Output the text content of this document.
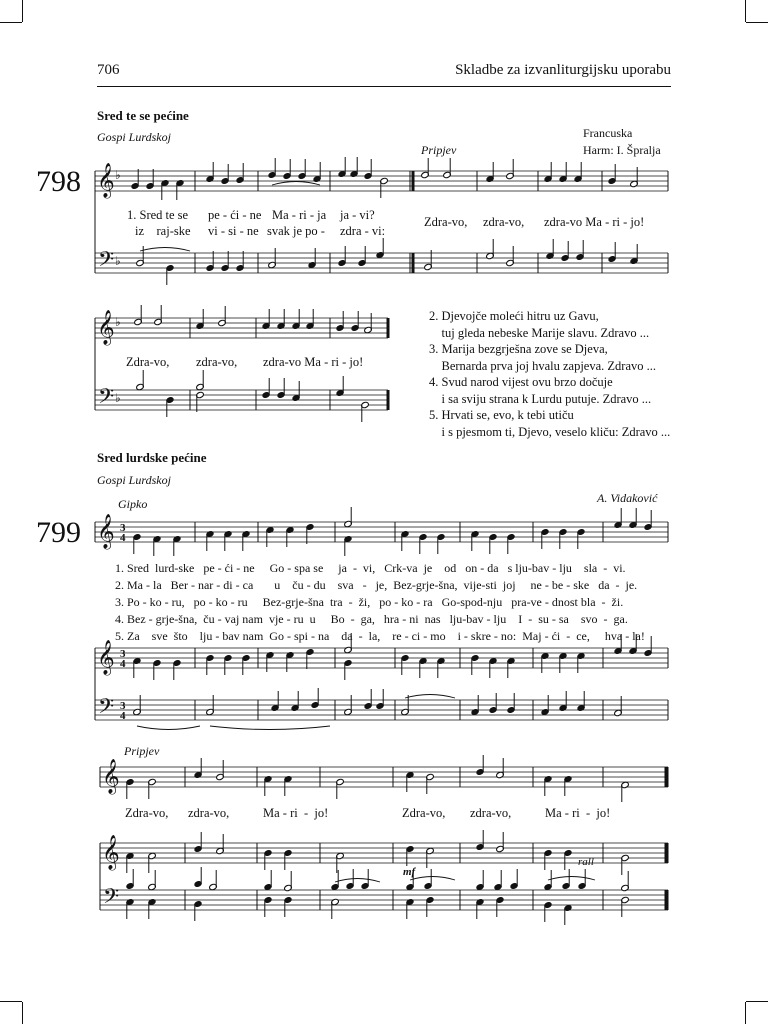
706	Skladbe za izvanliturgijsku uporabu
Sred te se pećine
Gospi Lurdskoj	Francuska
Harm: I. Špralja
Pripjev
798
1. Sred te se pe - ći - ne Ma - ri - ja ja - vi?	Zdra-vo, zdra-vo, zdra-vo Ma - ri - jo!
iz    raj-ske vi - si - ne svak je po - zdra - vi:
Zdra-vo, zdra-vo, zdra-vo Ma - ri - jo!
2. Djevojče moleći hitru uz Gavu,
tuj gleda nebeske Marije slavu. Zdravo ...
3. Marija bezgrješna zove se Djeva,
Bernarda prva joj hvalu zapjeva. Zdravo ...
4. Svud narod vijest ovu brzo dočuje
i sa sviju strana k Lurdu putuje. Zdravo ...
5. Hrvati se, evo, k tebi utiču
i s pjesmom ti, Djevo, veselo kliču: Zdravo ...
Sred lurdske pećine
Gospi Lurdskoj
Gipko	A. Vidaković
799
1. Sred  lurd-ske   pe - ći - ne     Go - spa se     ja  -  vi,   Crk-va  je    od   on - da   s lju-bav - lju    sla  -  vi.
2. Ma - la   Ber - nar - di - ca       u    ču - du    sva   -   je,  Bez-grje-šna,  vije-sti  joj     ne - be - ske   da  -  je.
3. Po - ko - ru,   po - ko - ru     Bez-grje-šna  tra  -  ži,   po - ko - ra   Go-spod-nju   pra-ve - dnost bla  -  ži.
4. Bez - grje-šna,  ču - vaj nam  vje - ru  u     Bo  -  ga,   hra - ni  nas   lju-bav - lju    I  -  su - sa    svo  -  ga.
5. Za    sve  što    lju - bav nam  Go - spi - na    da  -  la,    re - ci - mo    i - skre - no:  Maj - ći  -  ce,     hva - la!
Pripjev
Zdra-vo, zdra-vo,	Ma - ri  -  jo!	Zdra-vo, zdra-vo,	Ma - ri  -  jo!
mf
rall
𝄞
𝄢
♭
♭
𝄞
𝄢
♭
♭
𝄞 3
4
𝄞
𝄢
3
4
3
4
𝄞
𝄞
𝄢
